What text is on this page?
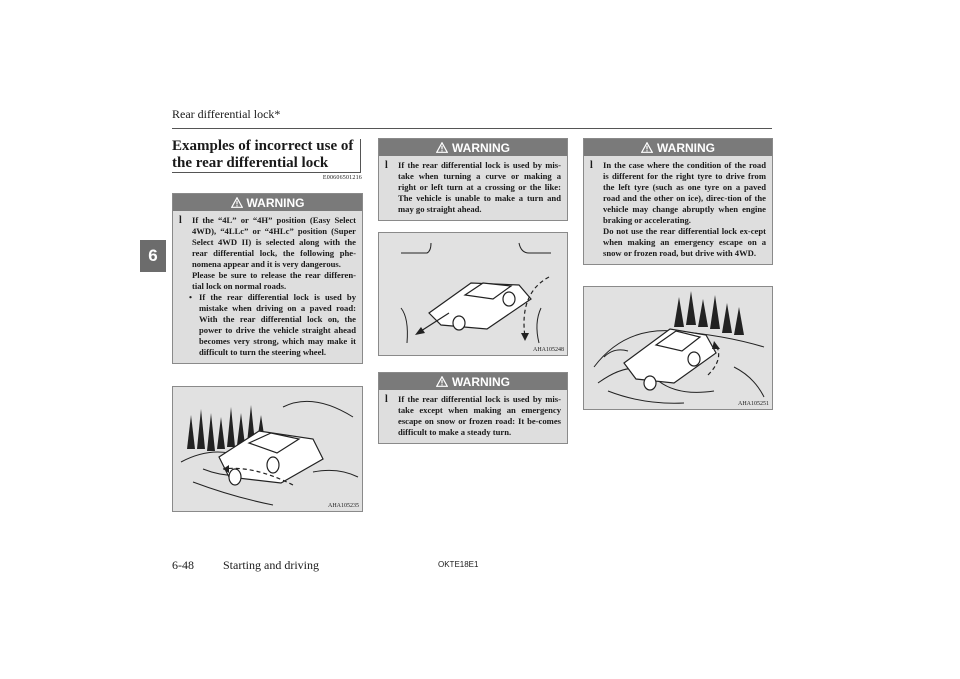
Rear differential lock*
6
Examples of incorrect use of the rear differential lock
E00606501216
WARNING
l	If the “4L” or “4H” position (Easy Select 4WD), “4LLc” or “4HLc” position (Super Select 4WD II) is selected along with the rear differential lock, the following phe-nomena appear and it is very dangerous.
Please be sure to release the rear differen-tial lock on normal roads.
• If the rear differential lock is used by mistake when driving on a paved road: With the rear differential lock on, the power to drive the vehicle straight ahead becomes very strong, which may make it difficult to turn the steering wheel.
AHA105235
WARNING
l	If the rear differential lock is used by mis-take when turning a curve or making a right or left turn at a crossing or the like: The vehicle is unable to make a turn and may go straight ahead.
AHA105248
WARNING
l	If the rear differential lock is used by mis-take except when making an emergency escape on snow or frozen road: It be-comes difficult to make a steady turn.
WARNING
l	In the case where the condition of the road is different for the right tyre to drive from the left tyre (such as one tyre on a paved road and the other on ice), direc-tion of the vehicle may change abruptly when engine braking or accelerating.
Do not use the rear differential lock ex-cept when making an emergency escape on a snow or frozen road, but drive with 4WD.
AHA105251
6-48 Starting and driving	OKTE18E1
